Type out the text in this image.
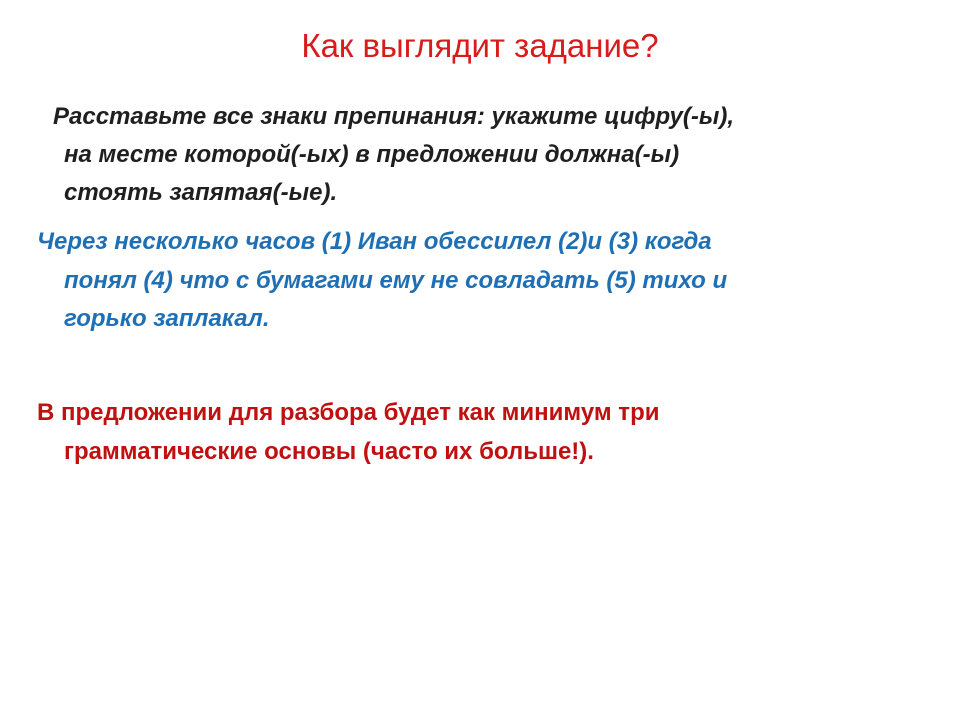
Как выглядит задание?
Расставьте все знаки препинания: укажите цифру(-ы),
на месте которой(-ых) в предложении должна(-ы)
стоять запятая(-ые).
Через несколько часов (1) Иван обессилел (2)и (3) когда
понял (4) что с бумагами ему не совладать (5) тихо и
горько заплакал.
В предложении для разбора будет как минимум три
грамматические основы (часто их больше!).
